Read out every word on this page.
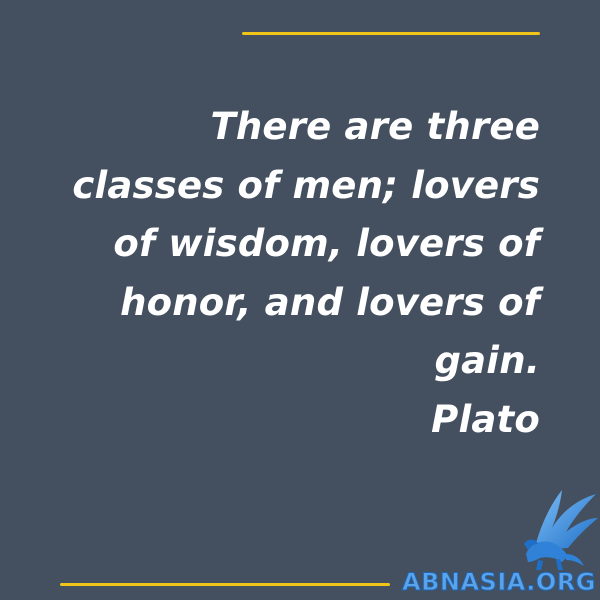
There are three classes of men; lovers of wisdom, lovers of honor, and lovers of gain.
Plato
ABNASIA.ORG
